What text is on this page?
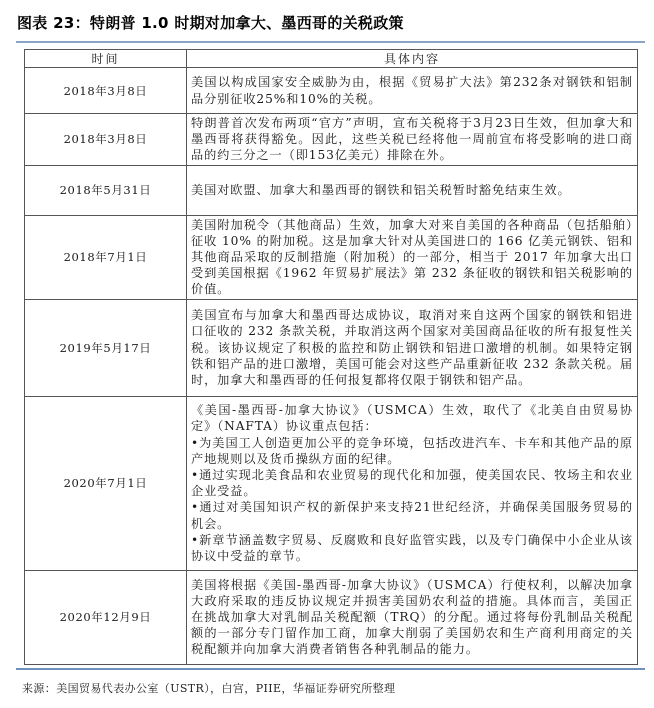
图表 23：特朗普 1.0 时期对加拿大、墨西哥的关税政策
时间	具体内容
2018年3月8日	美国以构成国家安全威胁为由，根据《贸易扩大法》第232条对钢铁和铝制品分别征收25%和10%的关税。
2018年3月8日	特朗普首次发布两项“官方”声明，宣布关税将于3月23日生效，但加拿大和墨西哥将获得豁免。因此，这些关税已经将他一周前宣布将受影响的进口商品的约三分之一（即153亿美元）排除在外。
2018年5月31日	美国对欧盟、加拿大和墨西哥的钢铁和铝关税暂时豁免结束生效。
2018年7月1日	美国附加税令（其他商品）生效，加拿大对来自美国的各种商品（包括船舶）征收 10% 的附加税。这是加拿大针对从美国进口的 166 亿美元钢铁、铝和其他商品采取的反制措施（附加税）的一部分，相当于 2017 年加拿大出口受到美国根据《1962 年贸易扩展法》第 232 条征收的钢铁和铝关税影响的价值。
2019年5月17日	美国宣布与加拿大和墨西哥达成协议，取消对来自这两个国家的钢铁和铝进口征收的 232 条款关税，并取消这两个国家对美国商品征收的所有报复性关税。该协议规定了积极的监控和防止钢铁和铝进口激增的机制。如果特定钢铁和铝产品的进口激增，美国可能会对这些产品重新征收 232 条款关税。届时，加拿大和墨西哥的任何报复都将仅限于钢铁和铝产品。
2020年7月1日	《美国-墨西哥-加拿大协议》（USMCA）生效，取代了《北美自由贸易协定》（NAFTA）协议重点包括：
•为美国工人创造更加公平的竞争环境，包括改进汽车、卡车和其他产品的原产地规则以及货币操纵方面的纪律。
•通过实现北美食品和农业贸易的现代化和加强，使美国农民、牧场主和农业企业受益。
•通过对美国知识产权的新保护来支持21世纪经济，并确保美国服务贸易的机会。
•新章节涵盖数字贸易、反腐败和良好监管实践，以及专门确保中小企业从该协议中受益的章节。

2020年12月9日	美国将根据《美国-墨西哥-加拿大协议》（USMCA）行使权利，以解决加拿大政府采取的违反协议规定并损害美国奶农利益的措施。具体而言，美国正在挑战加拿大对乳制品关税配额（TRQ）的分配。通过将每份乳制品关税配额的一部分专门留作加工商，加拿大削弱了美国奶农和生产商利用商定的关税配额并向加拿大消费者销售各种乳制品的能力。
来源：美国贸易代表办公室（USTR），白宫，PIIE，华福证券研究所整理
